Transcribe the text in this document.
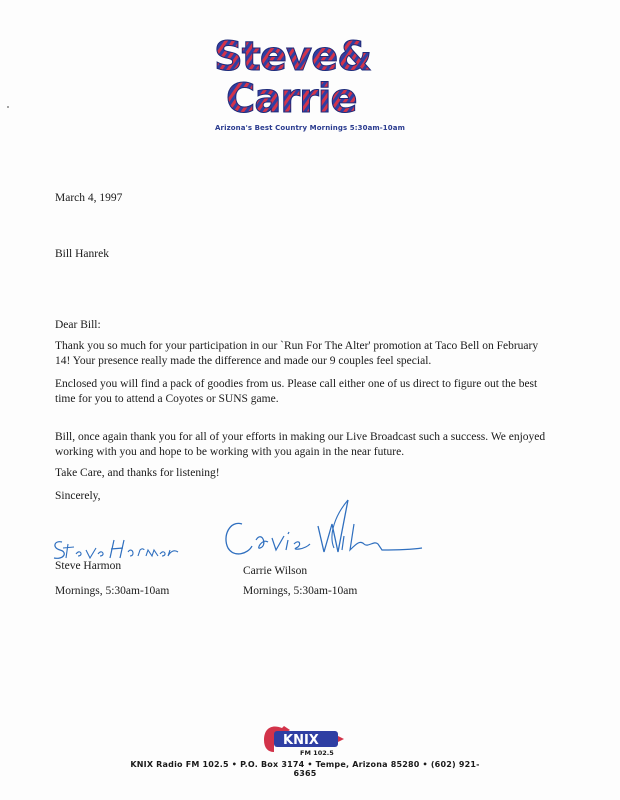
Steve&
Carrie
Arizona's Best Country Mornings 5:30am-10am
March 4, 1997
Bill Hanrek
Dear Bill:
Thank you so much for your participation in our `Run For The Alter' promotion at Taco Bell on February 14! Your presence really made the difference and made our 9 couples feel special.
Enclosed you will find a pack of goodies from us. Please call either one of us direct to figure out the best time for you to attend a Coyotes or SUNS game.
Bill, once again thank you for all of your efforts in making our Live Broadcast such a success. We enjoyed working with you and hope to be working with you again in the near future.
Take Care, and thanks for listening!
Sincerely,
Steve Harmon	Carrie Wilson
Mornings, 5:30am-10am	Mornings, 5:30am-10am
KNIX
FM 102.5
KNIX Radio FM 102.5 • P.O. Box 3174 • Tempe, Arizona 85280 • (602) 921-6365
